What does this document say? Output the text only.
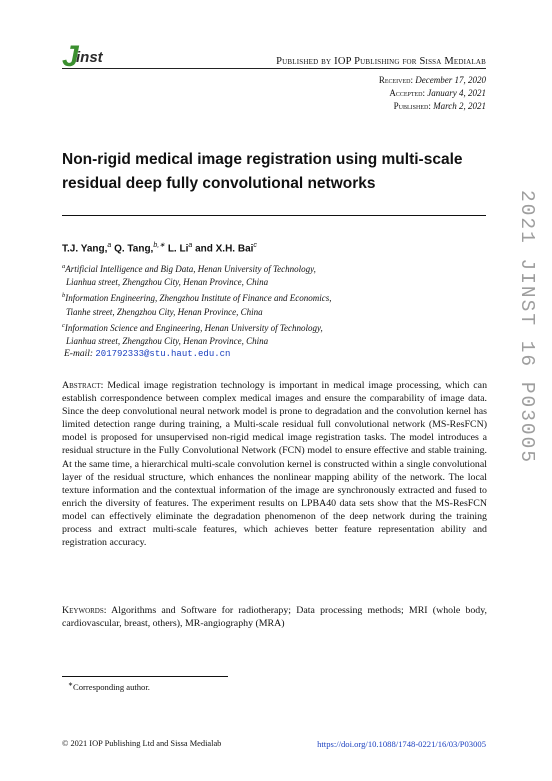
J
inst	Published by IOP Publishing for Sissa Medialab
Received: December 17, 2020
Accepted: January 4, 2021
Published: March 2, 2021
Non-rigid medical image registration using multi-scale residual deep fully convolutional networks
T.J. Yang,$^a$ Q. Tang,$^{b,∗}$ L. Li$^a$ and X.H. Bai$^c$
$^a$Artificial Intelligence and Big Data, Henan University of Technology,
Lianhua street, Zhengzhou City, Henan Province, China
$^b$Information Engineering, Zhengzhou Institute of Finance and Economics,
Tianhe street, Zhengzhou City, Henan Province, China
$^c$Information Science and Engineering, Henan University of Technology,
Lianhua street, Zhengzhou City, Henan Province, China
E-mail: 201792333@stu.haut.edu.cn
Abstract: Medical image registration technology is important in medical image processing, which can establish correspondence between complex medical images and ensure the comparability of image data. Since the deep convolutional neural network model is prone to degradation and the convolution kernel has limited detection range during training, a Multi-scale residual full convolutional network (MS-ResFCN) model is proposed for unsupervised non-rigid medical image registration tasks. The model introduces a residual structure in the Fully Convolutional Network (FCN) model to ensure effective and stable training. At the same time, a hierarchical multi-scale convolution kernel is constructed within a single convolutional layer of the residual structure, which enhances the nonlinear mapping ability of the network. The local texture information and the contextual information of the image are synchronously extracted and fused to enrich the diversity of features. The experiment results on LPBA40 data sets show that the MS-ResFCN model can effectively eliminate the degradation phenomenon of the deep network during the training process and extract multi-scale features, which achieves better feature representation ability and registration accuracy.
Keywords: Algorithms and Software for radiotherapy; Data processing methods; MRI (whole body, cardiovascular, breast, others), MR-angiography (MRA)
∗Corresponding author.
© 2021 IOP Publishing Ltd and Sissa Medialab	https://doi.org/10.1088/1748-0221/16/03/P03005
2021 JINST 16 P03005
